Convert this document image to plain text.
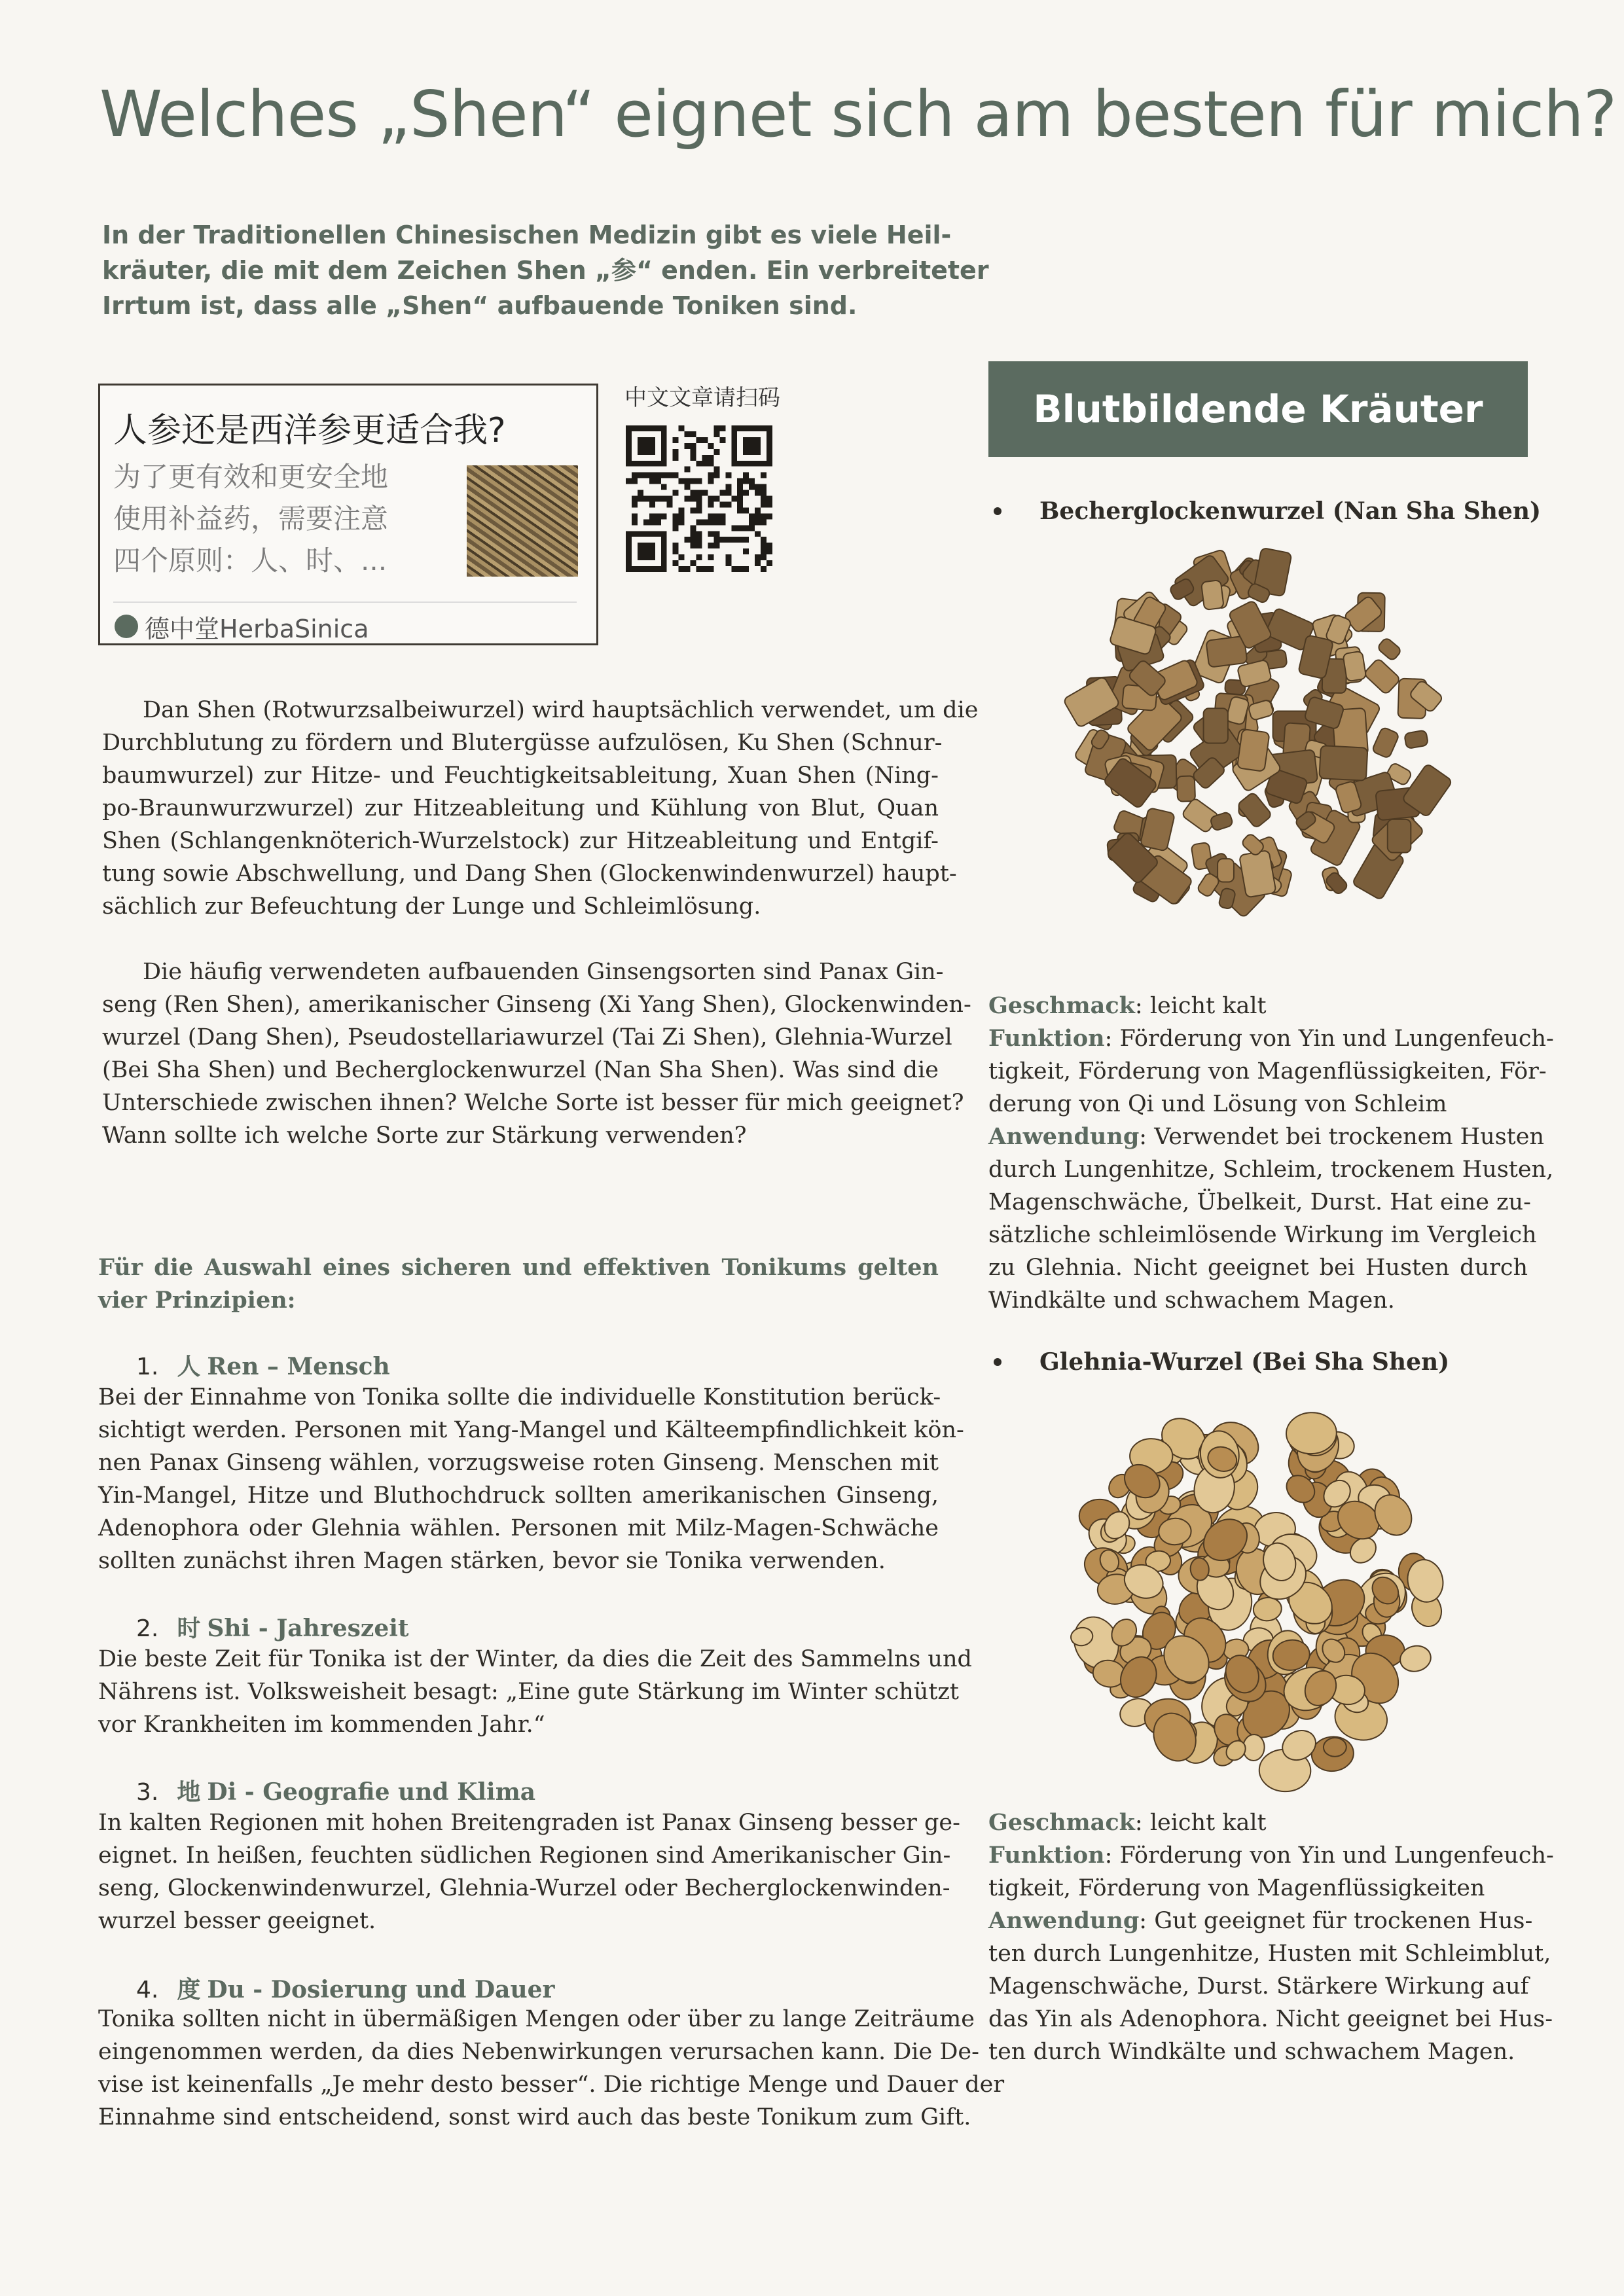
Welches „Shen“ eignet sich am besten für mich?
In der Traditionellen Chinesischen Medizin gibt es viele Heil-
kräuter, die mit dem Zeichen Shen „参“ enden. Ein verbreiteter
Irrtum ist, dass alle „Shen“ aufbauende Toniken sind.
人参还是西洋参更适合我?
为了更有效和更安全地
使用补益药，需要注意
四个原则：人、时、...
德中堂HerbaSinica
中文文章请扫码
Dan Shen (Rotwurzsalbeiwurzel) wird hauptsächlich verwendet, um die
Durchblutung zu fördern und Blutergüsse aufzulösen, Ku Shen (Schnur-
baumwurzel) zur Hitze- und Feuchtigkeitsableitung, Xuan Shen (Ning-
po-Braunwurzwurzel) zur Hitzeableitung und Kühlung von Blut, Quan
Shen (Schlangenknöterich-Wurzelstock) zur Hitzeableitung und Entgif-
tung sowie Abschwellung, und Dang Shen (Glockenwindenwurzel) haupt-
sächlich zur Befeuchtung der Lunge und Schleimlösung.
Die häufig verwendeten aufbauenden Ginsengsorten sind Panax Gin-
seng (Ren Shen), amerikanischer Ginseng (Xi Yang Shen), Glockenwinden-
wurzel (Dang Shen), Pseudostellariawurzel (Tai Zi Shen), Glehnia-Wurzel
(Bei Sha Shen) und Becherglockenwurzel (Nan Sha Shen). Was sind die
Unterschiede zwischen ihnen? Welche Sorte ist besser für mich geeignet?
Wann sollte ich welche Sorte zur Stärkung verwenden?
Für die Auswahl eines sicheren und effektiven Tonikums gelten
vier Prinzipien:
1. 人 Ren – Mensch
Bei der Einnahme von Tonika sollte die individuelle Konstitution berück-
sichtigt werden. Personen mit Yang-Mangel und Kälteempfindlichkeit kön-
nen Panax Ginseng wählen, vorzugsweise roten Ginseng. Menschen mit
Yin-Mangel, Hitze und Bluthochdruck sollten amerikanischen Ginseng,
Adenophora oder Glehnia wählen. Personen mit Milz-Magen-Schwäche
sollten zunächst ihren Magen stärken, bevor sie Tonika verwenden.
2. 时 Shi - Jahreszeit
Die beste Zeit für Tonika ist der Winter, da dies die Zeit des Sammelns und
Nährens ist. Volksweisheit besagt: „Eine gute Stärkung im Winter schützt
vor Krankheiten im kommenden Jahr.“
3. 地 Di - Geografie und Klima
In kalten Regionen mit hohen Breitengraden ist Panax Ginseng besser ge-
eignet. In heißen, feuchten südlichen Regionen sind Amerikanischer Gin-
seng, Glockenwindenwurzel, Glehnia-Wurzel oder Becherglockenwinden-
wurzel besser geeignet.
4. 度 Du - Dosierung und Dauer
Tonika sollten nicht in übermäßigen Mengen oder über zu lange Zeiträume
eingenommen werden, da dies Nebenwirkungen verursachen kann. Die De-
vise ist keinenfalls „Je mehr desto besser“. Die richtige Menge und Dauer der
Einnahme sind entscheidend, sonst wird auch das beste Tonikum zum Gift.
Blutbildende Kräuter
Becherglockenwurzel (Nan Sha Shen)
Geschmack: leicht kalt
Funktion: Förderung von Yin und Lungenfeuch-
tigkeit, Förderung von Magenflüssigkeiten, För-
derung von Qi und Lösung von Schleim
Anwendung: Verwendet bei trockenem Husten
durch Lungenhitze, Schleim, trockenem Husten,
Magenschwäche, Übelkeit, Durst. Hat eine zu-
sätzliche schleimlösende Wirkung im Vergleich
zu Glehnia. Nicht geeignet bei Husten durch
Windkälte und schwachem Magen.
Glehnia-Wurzel (Bei Sha Shen)
Geschmack: leicht kalt
Funktion: Förderung von Yin und Lungenfeuch-
tigkeit, Förderung von Magenflüssigkeiten
Anwendung: Gut geeignet für trockenen Hus-
ten durch Lungenhitze, Husten mit Schleimblut,
Magenschwäche, Durst. Stärkere Wirkung auf
das Yin als Adenophora. Nicht geeignet bei Hus-
ten durch Windkälte und schwachem Magen.
